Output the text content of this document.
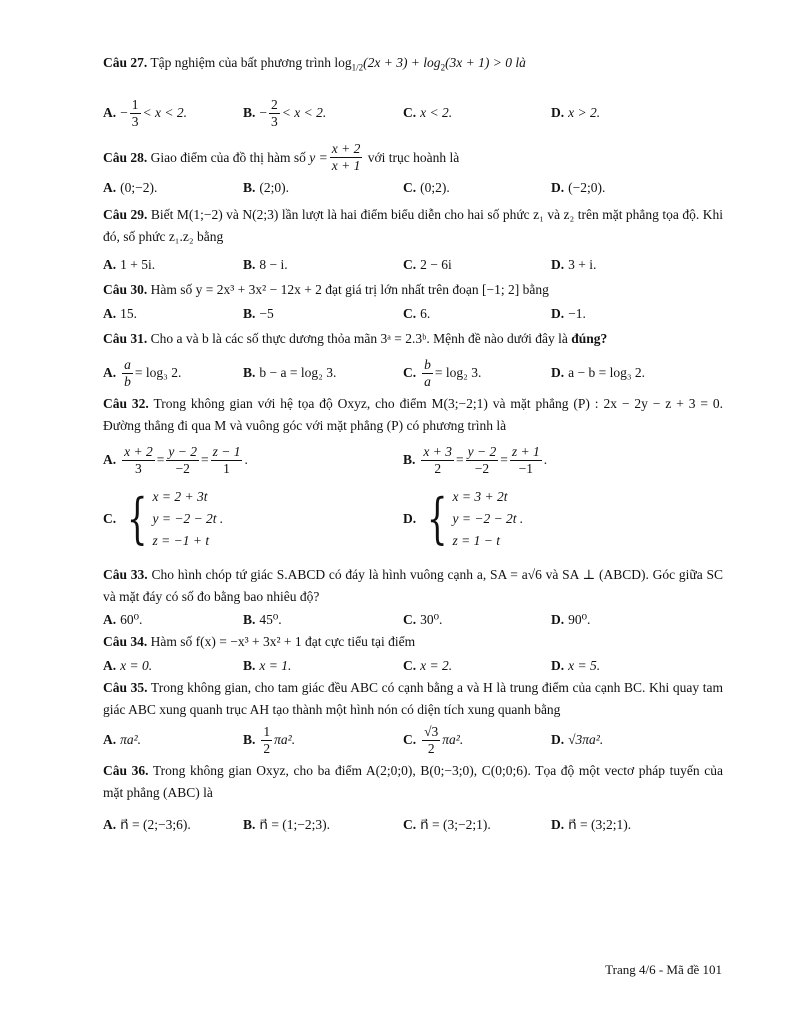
Câu 27. Tập nghiệm của bất phương trình $\log_{1/2}(2x + 3) + \log_2(3x + 1) > 0$ là
A. − $\frac{1}{3} < x < 2$.	B. − $\frac{2}{3} < x < 2$.	C. x < 2.	D. x > 2.
Câu 28.
Giao điểm của đồ thị hàm số
$y = \frac{x + 2}{x + 1}$
với trục hoành là
A. (0;−2).	B. (2;0).	C. (0;2).	D. (−2;0).
Câu 29. Biết M(1;−2) và N(2;3) lần lượt là hai điểm biểu diễn cho hai số phức z₁ và z₂ trên mặt phẳng tọa độ. Khi đó, số phức z₁.z₂ bằng
A. 1 + 5i.	B. 8 − i.	C. 2 − 6i	D. 3 + i.
Câu 30. Hàm số y = 2x³ + 3x² − 12x + 2 đạt giá trị lớn nhất trên đoạn [−1; 2] bằng
A. 15.	B. −5	C. 6.	D. −1.
Câu 31. Cho a và b là các số thực dương thỏa mãn 3ᵃ = 2.3ᵇ. Mệnh đề nào dưới đây là đúng?
A. $\frac{a}{b} = \log_3$ 2.	B. b − a = log₂ 3.	C. $\frac{b}{a} = \log_2$ 3.	D. a − b = log₃ 2.
Câu 32. Trong không gian với hệ tọa độ Oxyz, cho điểm M(3;−2;1) và mặt phẳng (P) : 2x − 2y − z + 3 = 0. Đường thẳng đi qua M và vuông góc với mặt phẳng (P) có phương trình là
A. $\frac{x + 2}{3} = \frac{y - 2}{-2} = \frac{z - 1}{1}$ .	B. $\frac{x + 3}{2} = \frac{y - 2}{-2} = \frac{z + 1}{-1}$ .
C. { x = 2 + 3t
y = −2 − 2t .
z = −1 + t
D. { x = 3 + 2t
y = −2 − 2t .
z = 1 − t
Câu 33. Cho hình chóp tứ giác S.ABCD có đáy là hình vuông cạnh a, SA = a√6 và SA ⊥ (ABCD). Góc giữa SC và mặt đáy có số đo bằng bao nhiêu độ?
A. 60⁰.	B. 45⁰.	C. 30⁰.	D. 90⁰.
Câu 34. Hàm số f(x) = −x³ + 3x² + 1 đạt cực tiểu tại điểm
A. x = 0.	B. x = 1.	C. x = 2.	D. x = 5.
Câu 35. Trong không gian, cho tam giác đều ABC có cạnh bằng a và H là trung điểm của cạnh BC. Khi quay tam giác ABC xung quanh trục AH tạo thành một hình nón có diện tích xung quanh bằng
A. πa².	B. $\frac{1}{2} \pi a^2$.	C. $\frac{√3}{2} \pi a^2$.	D. √3πa².
Câu 36. Trong không gian Oxyz, cho ba điểm A(2;0;0), B(0;−3;0), C(0;0;6). Tọa độ một vectơ pháp tuyến của mặt phẳng (ABC) là
A. n⃗ = (2;−3;6).	B. n⃗ = (1;−2;3).	C. n⃗ = (3;−2;1).	D. n⃗ = (3;2;1).
Trang 4/6 - Mã đề 101
